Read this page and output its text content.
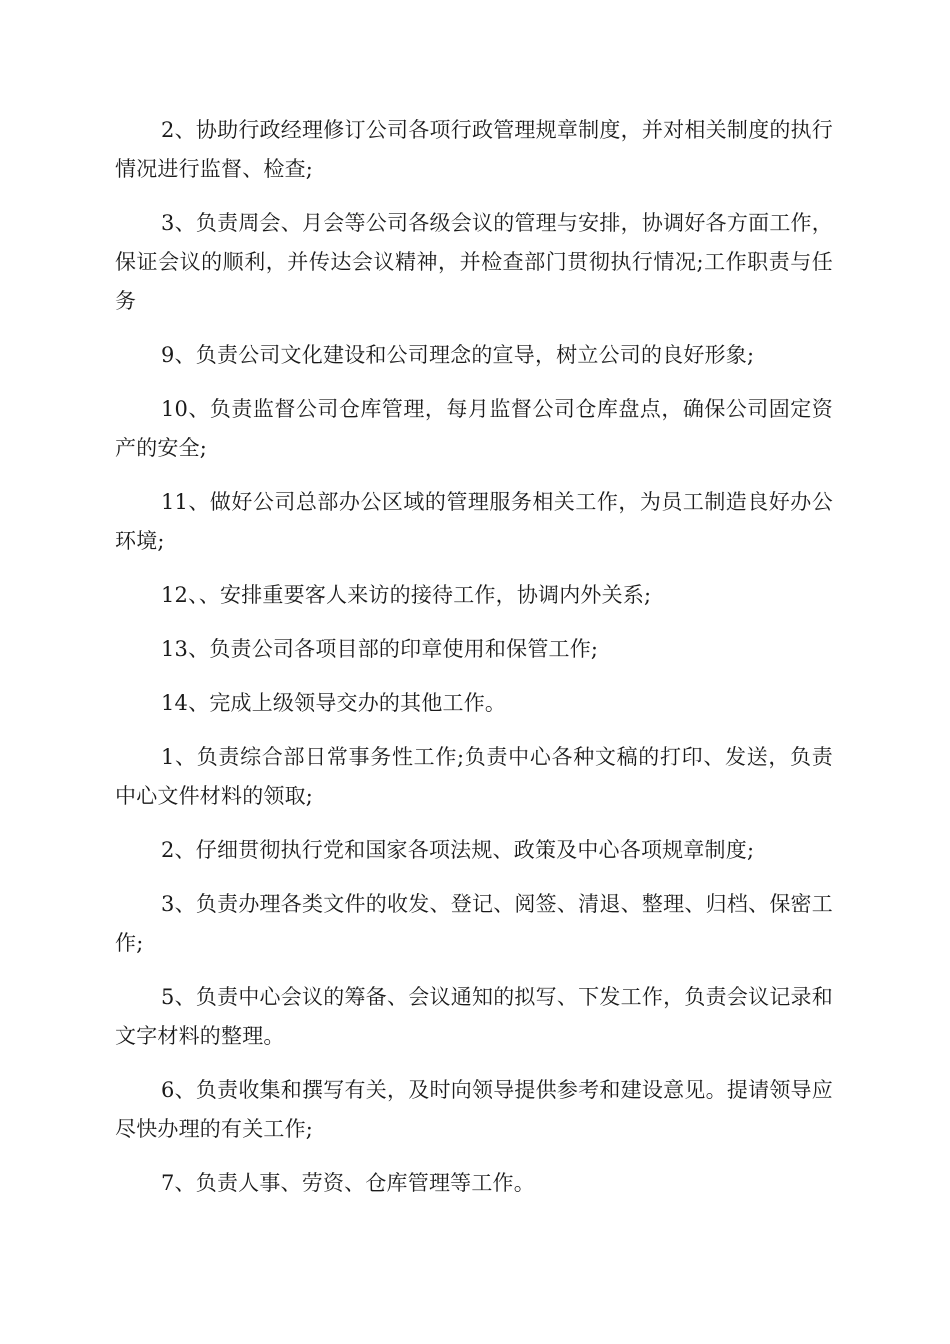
2、协助行政经理修订公司各项行政管理规章制度，并对相关制度的执行情况进行监督、检查;

3、负责周会、月会等公司各级会议的管理与安排，协调好各方面工作，保证会议的顺利，并传达会议精神，并检查部门贯彻执行情况;工作职责与任务

9、负责公司文化建设和公司理念的宣导，树立公司的良好形象;

10、负责监督公司仓库管理，每月监督公司仓库盘点，确保公司固定资产的安全;

11、做好公司总部办公区域的管理服务相关工作，为员工制造良好办公环境;

12、、安排重要客人来访的接待工作，协调内外关系;

13、负责公司各项目部的印章使用和保管工作;

14、完成上级领导交办的其他工作。

1、负责综合部日常事务性工作;负责中心各种文稿的打印、发送，负责中心文件材料的领取;

2、仔细贯彻执行党和国家各项法规、政策及中心各项规章制度;

3、负责办理各类文件的收发、登记、阅签、清退、整理、归档、保密工作;

5、负责中心会议的筹备、会议通知的拟写、下发工作，负责会议记录和文字材料的整理。

6、负责收集和撰写有关，及时向领导提供参考和建设意见。提请领导应尽快办理的有关工作;

7、负责人事、劳资、仓库管理等工作。
